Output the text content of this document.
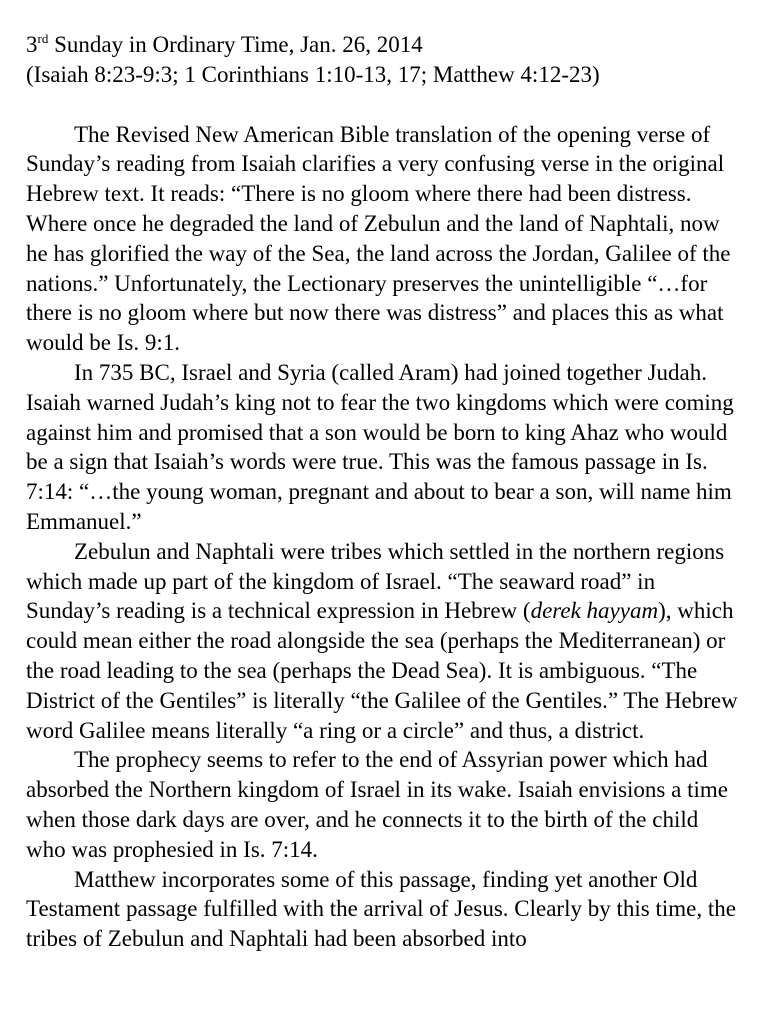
3rd Sunday in Ordinary Time, Jan. 26, 2014

(Isaiah 8:23-9:3; 1 Corinthians 1:10-13, 17; Matthew 4:12-23)

The Revised New American Bible translation of the opening verse of Sunday’s reading from Isaiah clarifies a very confusing verse in the original Hebrew text. It reads: “There is no gloom where there had been distress. Where once he degraded the land of Zebulun and the land of Naphtali, now he has glorified the way of the Sea, the land across the Jordan, Galilee of the nations.” Unfortunately, the Lectionary preserves the unintelligible “…for there is no gloom where but now there was distress” and places this as what would be Is. 9:1.

In 735 BC, Israel and Syria (called Aram) had joined together Judah. Isaiah warned Judah’s king not to fear the two kingdoms which were coming against him and promised that a son would be born to king Ahaz who would be a sign that Isaiah’s words were true. This was the famous passage in Is. 7:14: “…the young woman, pregnant and about to bear a son, will name him Emmanuel.”

Zebulun and Naphtali were tribes which settled in the northern regions which made up part of the kingdom of Israel. “The seaward road” in Sunday’s reading is a technical expression in Hebrew (derek hayyam), which could mean either the road alongside the sea (perhaps the Mediterranean) or the road leading to the sea (perhaps the Dead Sea). It is ambiguous. “The District of the Gentiles” is literally “the Galilee of the Gentiles.” The Hebrew word Galilee means literally “a ring or a circle” and thus, a district.

The prophecy seems to refer to the end of Assyrian power which had absorbed the Northern kingdom of Israel in its wake. Isaiah envisions a time when those dark days are over, and he connects it to the birth of the child who was prophesied in Is. 7:14.

Matthew incorporates some of this passage, finding yet another Old Testament passage fulfilled with the arrival of Jesus. Clearly by this time, the tribes of Zebulun and Naphtali had been absorbed into
